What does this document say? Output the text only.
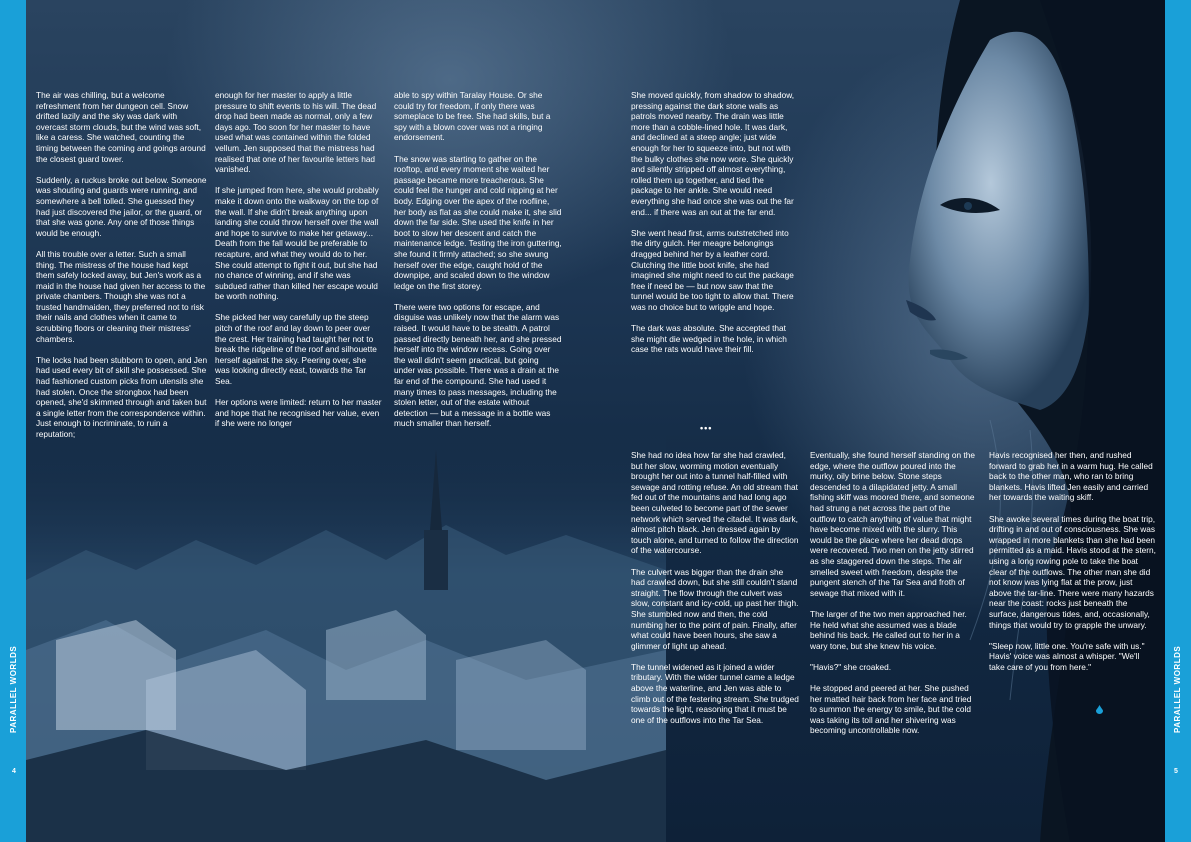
PARALLEL WORLDS
4
PARALLEL WORLDS
5

The air was chilling, but a welcome refreshment from her dungeon cell. Snow drifted lazily and the sky was dark with overcast storm clouds, but the wind was soft, like a caress. She watched, counting the timing between the coming and goings around the closest guard tower.

Suddenly, a ruckus broke out below. Someone was shouting and guards were running, and somewhere a bell tolled. She guessed they had just discovered the jailor, or the guard, or that she was gone. Any one of those things would be enough.

All this trouble over a letter. Such a small thing. The mistress of the house had kept them safely locked away, but Jen's work as a maid in the house had given her access to the private chambers. Though she was not a trusted handmaiden, they preferred not to risk their nails and clothes when it came to scrubbing floors or cleaning their mistress' chambers.

The locks had been stubborn to open, and Jen had used every bit of skill she possessed. She had fashioned custom picks from utensils she had stolen. Once the strongbox had been opened, she'd skimmed through and taken but a single letter from the correspondence within. Just enough to incriminate, to ruin a reputation;

enough for her master to apply a little pressure to shift events to his will. The dead drop had been made as normal, only a few days ago. Too soon for her master to have used what was contained within the folded vellum. Jen supposed that the mistress had realised that one of her favourite letters had vanished.

If she jumped from here, she would probably make it down onto the walkway on the top of the wall. If she didn't break anything upon landing she could throw herself over the wall and hope to survive to make her getaway... Death from the fall would be preferable to recapture, and what they would do to her. She could attempt to fight it out, but she had no chance of winning, and if she was subdued rather than killed her escape would be worth nothing.

She picked her way carefully up the steep pitch of the roof and lay down to peer over the crest. Her training had taught her not to break the ridgeline of the roof and silhouette herself against the sky. Peering over, she was looking directly east, towards the Tar Sea.

Her options were limited: return to her master and hope that he recognised her value, even if she were no longer

able to spy within Taralay House. Or she could try for freedom, if only there was someplace to be free. She had skills, but a spy with a blown cover was not a ringing endorsement.

The snow was starting to gather on the rooftop, and every moment she waited her passage became more treacherous. She could feel the hunger and cold nipping at her body. Edging over the apex of the roofline, her body as flat as she could make it, she slid down the far side. She used the knife in her boot to slow her descent and catch the maintenance ledge. Testing the iron guttering, she found it firmly attached; so she swung herself over the edge, caught hold of the downpipe, and scaled down to the window ledge on the first storey.

There were two options for escape, and disguise was unlikely now that the alarm was raised. It would have to be stealth. A patrol passed directly beneath her, and she pressed herself into the window recess. Going over the wall didn't seem practical, but going under was possible. There was a drain at the far end of the compound. She had used it many times to pass messages, including the stolen letter, out of the estate without detection — but a message in a bottle was much smaller than herself.

She moved quickly, from shadow to shadow, pressing against the dark stone walls as patrols moved nearby. The drain was little more than a cobble-lined hole. It was dark, and declined at a steep angle; just wide enough for her to squeeze into, but not with the bulky clothes she now wore. She quickly and silently stripped off almost everything, rolled them up together, and tied the package to her ankle. She would need everything she had once she was out the far end... if there was an out at the far end.

She went head first, arms outstretched into the dirty gulch. Her meagre belongings dragged behind her by a leather cord. Clutching the little boot knife, she had imagined she might need to cut the package free if need be — but now saw that the tunnel would be too tight to allow that. There was no choice but to wriggle and hope.

The dark was absolute. She accepted that she might die wedged in the hole, in which case the rats would have their fill.

•••

She had no idea how far she had crawled, but her slow, worming motion eventually brought her out into a tunnel half-filled with sewage and rotting refuse. An old stream that fed out of the mountains and had long ago been culveted to become part of the sewer network which served the citadel. It was dark, almost pitch black. Jen dressed again by touch alone, and turned to follow the direction of the watercourse.

The culvert was bigger than the drain she had crawled down, but she still couldn't stand straight. The flow through the culvert was slow, constant and icy-cold, up past her thigh. She stumbled now and then, the cold numbing her to the point of pain. Finally, after what could have been hours, she saw a glimmer of light up ahead.

The tunnel widened as it joined a wider tributary. With the wider tunnel came a ledge above the waterline, and Jen was able to climb out of the festering stream. She trudged towards the light, reasoning that it must be one of the outflows into the Tar Sea.

Eventually, she found herself standing on the edge, where the outflow poured into the murky, oily brine below. Stone steps descended to a dilapidated jetty. A small fishing skiff was moored there, and someone had strung a net across the part of the outflow to catch anything of value that might have become mixed with the slurry. This would be the place where her dead drops were recovered. Two men on the jetty stirred as she staggered down the steps. The air smelled sweet with freedom, despite the pungent stench of the Tar Sea and froth of sewage that mixed with it.

The larger of the two men approached her. He held what she assumed was a blade behind his back. He called out to her in a wary tone, but she knew his voice.

"Havis?" she croaked.

He stopped and peered at her. She pushed her matted hair back from her face and tried to summon the energy to smile, but the cold was taking its toll and her shivering was becoming uncontrollable now.

Havis recognised her then, and rushed forward to grab her in a warm hug. He called back to the other man, who ran to bring blankets. Havis lifted Jen easily and carried her towards the waiting skiff.

She awoke several times during the boat trip, drifting in and out of consciousness. She was wrapped in more blankets than she had been permitted as a maid. Havis stood at the stern, using a long rowing pole to take the boat clear of the outflows. The other man she did not know was lying flat at the prow, just above the tar-line. There were many hazards near the coast: rocks just beneath the surface, dangerous tides, and, occasionally, things that would try to grapple the unwary.

"Sleep now, little one. You're safe with us." Havis' voice was almost a whisper. "We'll take care of you from here."
